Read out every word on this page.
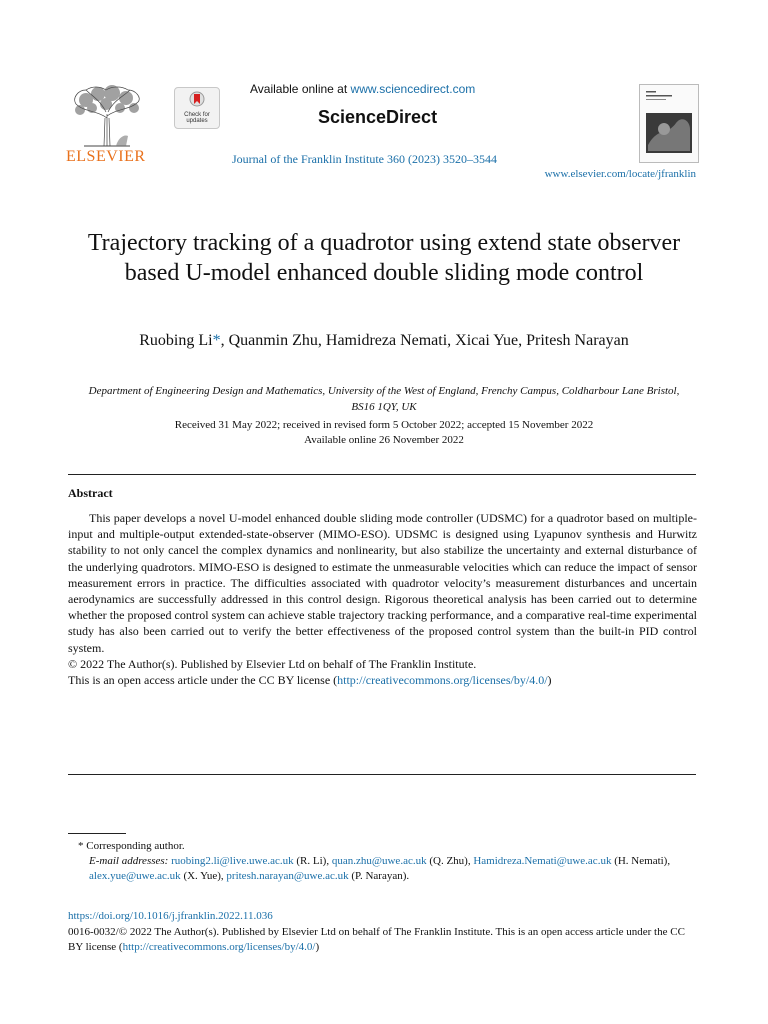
ELSEVIER
Check for updates
Available online at www.sciencedirect.com
ScienceDirect
Journal of the Franklin Institute 360 (2023) 3520–3544
www.elsevier.com/locate/jfranklin
Trajectory tracking of a quadrotor using extend state observer based U-model enhanced double sliding mode control
Ruobing Li*, Quanmin Zhu, Hamidreza Nemati, Xicai Yue, Pritesh Narayan
Department of Engineering Design and Mathematics, University of the West of England, Frenchy Campus, Coldharbour Lane Bristol, BS16 1QY, UK
Received 31 May 2022; received in revised form 5 October 2022; accepted 15 November 2022
Available online 26 November 2022
Abstract

This paper develops a novel U-model enhanced double sliding mode controller (UDSMC) for a quadrotor based on multiple-input and multiple-output extended-state-observer (MIMO-ESO). UDSMC is designed using Lyapunov synthesis and Hurwitz stability to not only cancel the complex dynamics and nonlinearity, but also stabilize the uncertainty and external disturbance of the underlying quadrotors. MIMO-ESO is designed to estimate the unmeasurable velocities which can reduce the impact of sensor measurement errors in practice. The difficulties associated with quadrotor velocity’s measurement disturbances and uncertain aerodynamics are successfully addressed in this control design. Rigorous theoretical analysis has been carried out to determine whether the proposed control system can achieve stable trajectory tracking performance, and a comparative real-time experimental study has also been carried out to verify the better effectiveness of the proposed control system than the built-in PID control system.

© 2022 The Author(s). Published by Elsevier Ltd on behalf of The Franklin Institute.

This is an open access article under the CC BY license (http://creativecommons.org/licenses/by/4.0/)

* Corresponding author.

E-mail addresses: ruobing2.li@live.uwe.ac.uk (R. Li), quan.zhu@uwe.ac.uk (Q. Zhu), Hamidreza.Nemati@uwe.ac.uk (H. Nemati), alex.yue@uwe.ac.uk (X. Yue), pritesh.narayan@uwe.ac.uk (P. Narayan).

https://doi.org/10.1016/j.jfranklin.2022.11.036

0016-0032/© 2022 The Author(s). Published by Elsevier Ltd on behalf of The Franklin Institute. This is an open access article under the CC BY license (http://creativecommons.org/licenses/by/4.0/)
